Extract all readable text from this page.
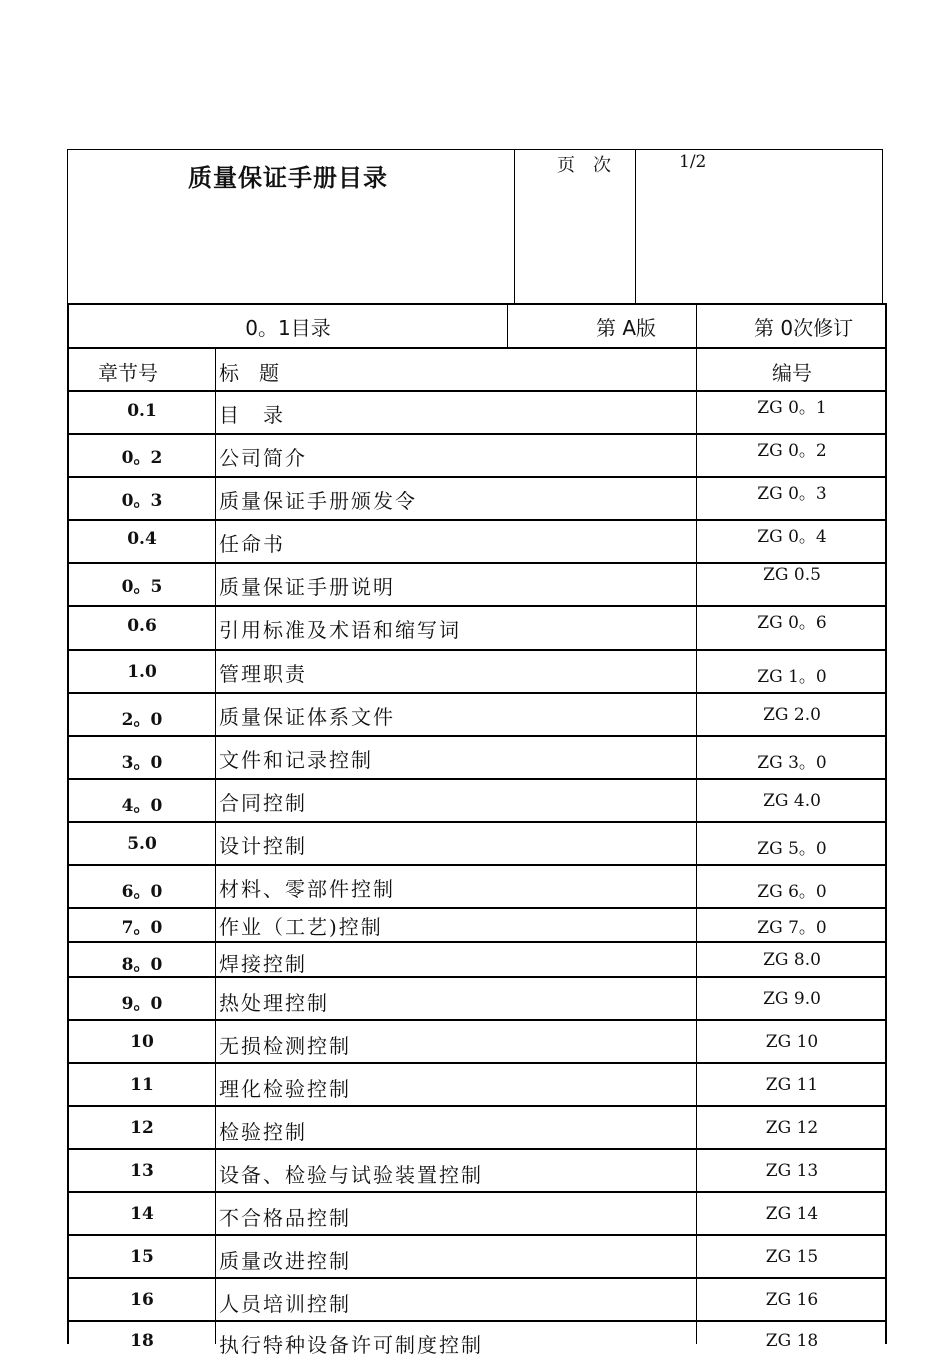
质量保证手册目录	页　次	1/2
0。1目录	第 A版	第 0次修订
章节号	标　题	编号
0.1	目　录	ZG 0。1
0。2	公司简介	ZG 0。2
0。3	质量保证手册颁发令	ZG 0。3
0.4	任命书	ZG 0。4
0。5	质量保证手册说明	ZG 0.5
0.6	引用标准及术语和缩写词	ZG 0。6
1.0	管理职责	ZG 1。0
2。0	质量保证体系文件	ZG 2.0
3。0	文件和记录控制	ZG 3。0
4。0	合同控制	ZG 4.0
5.0	设计控制	ZG 5。0
6。0	材料、零部件控制	ZG 6。0
7。0	作业（工艺)控制	ZG 7。0
8。0	焊接控制	ZG 8.0
9。0	热处理控制	ZG 9.0
10	无损检测控制	ZG 10
11	理化检验控制	ZG 11
12	检验控制	ZG 12
13	设备、检验与试验装置控制	ZG 13
14	不合格品控制	ZG 14
15	质量改进控制	ZG 15
16	人员培训控制	ZG 16
18	执行特种设备许可制度控制	ZG 18
